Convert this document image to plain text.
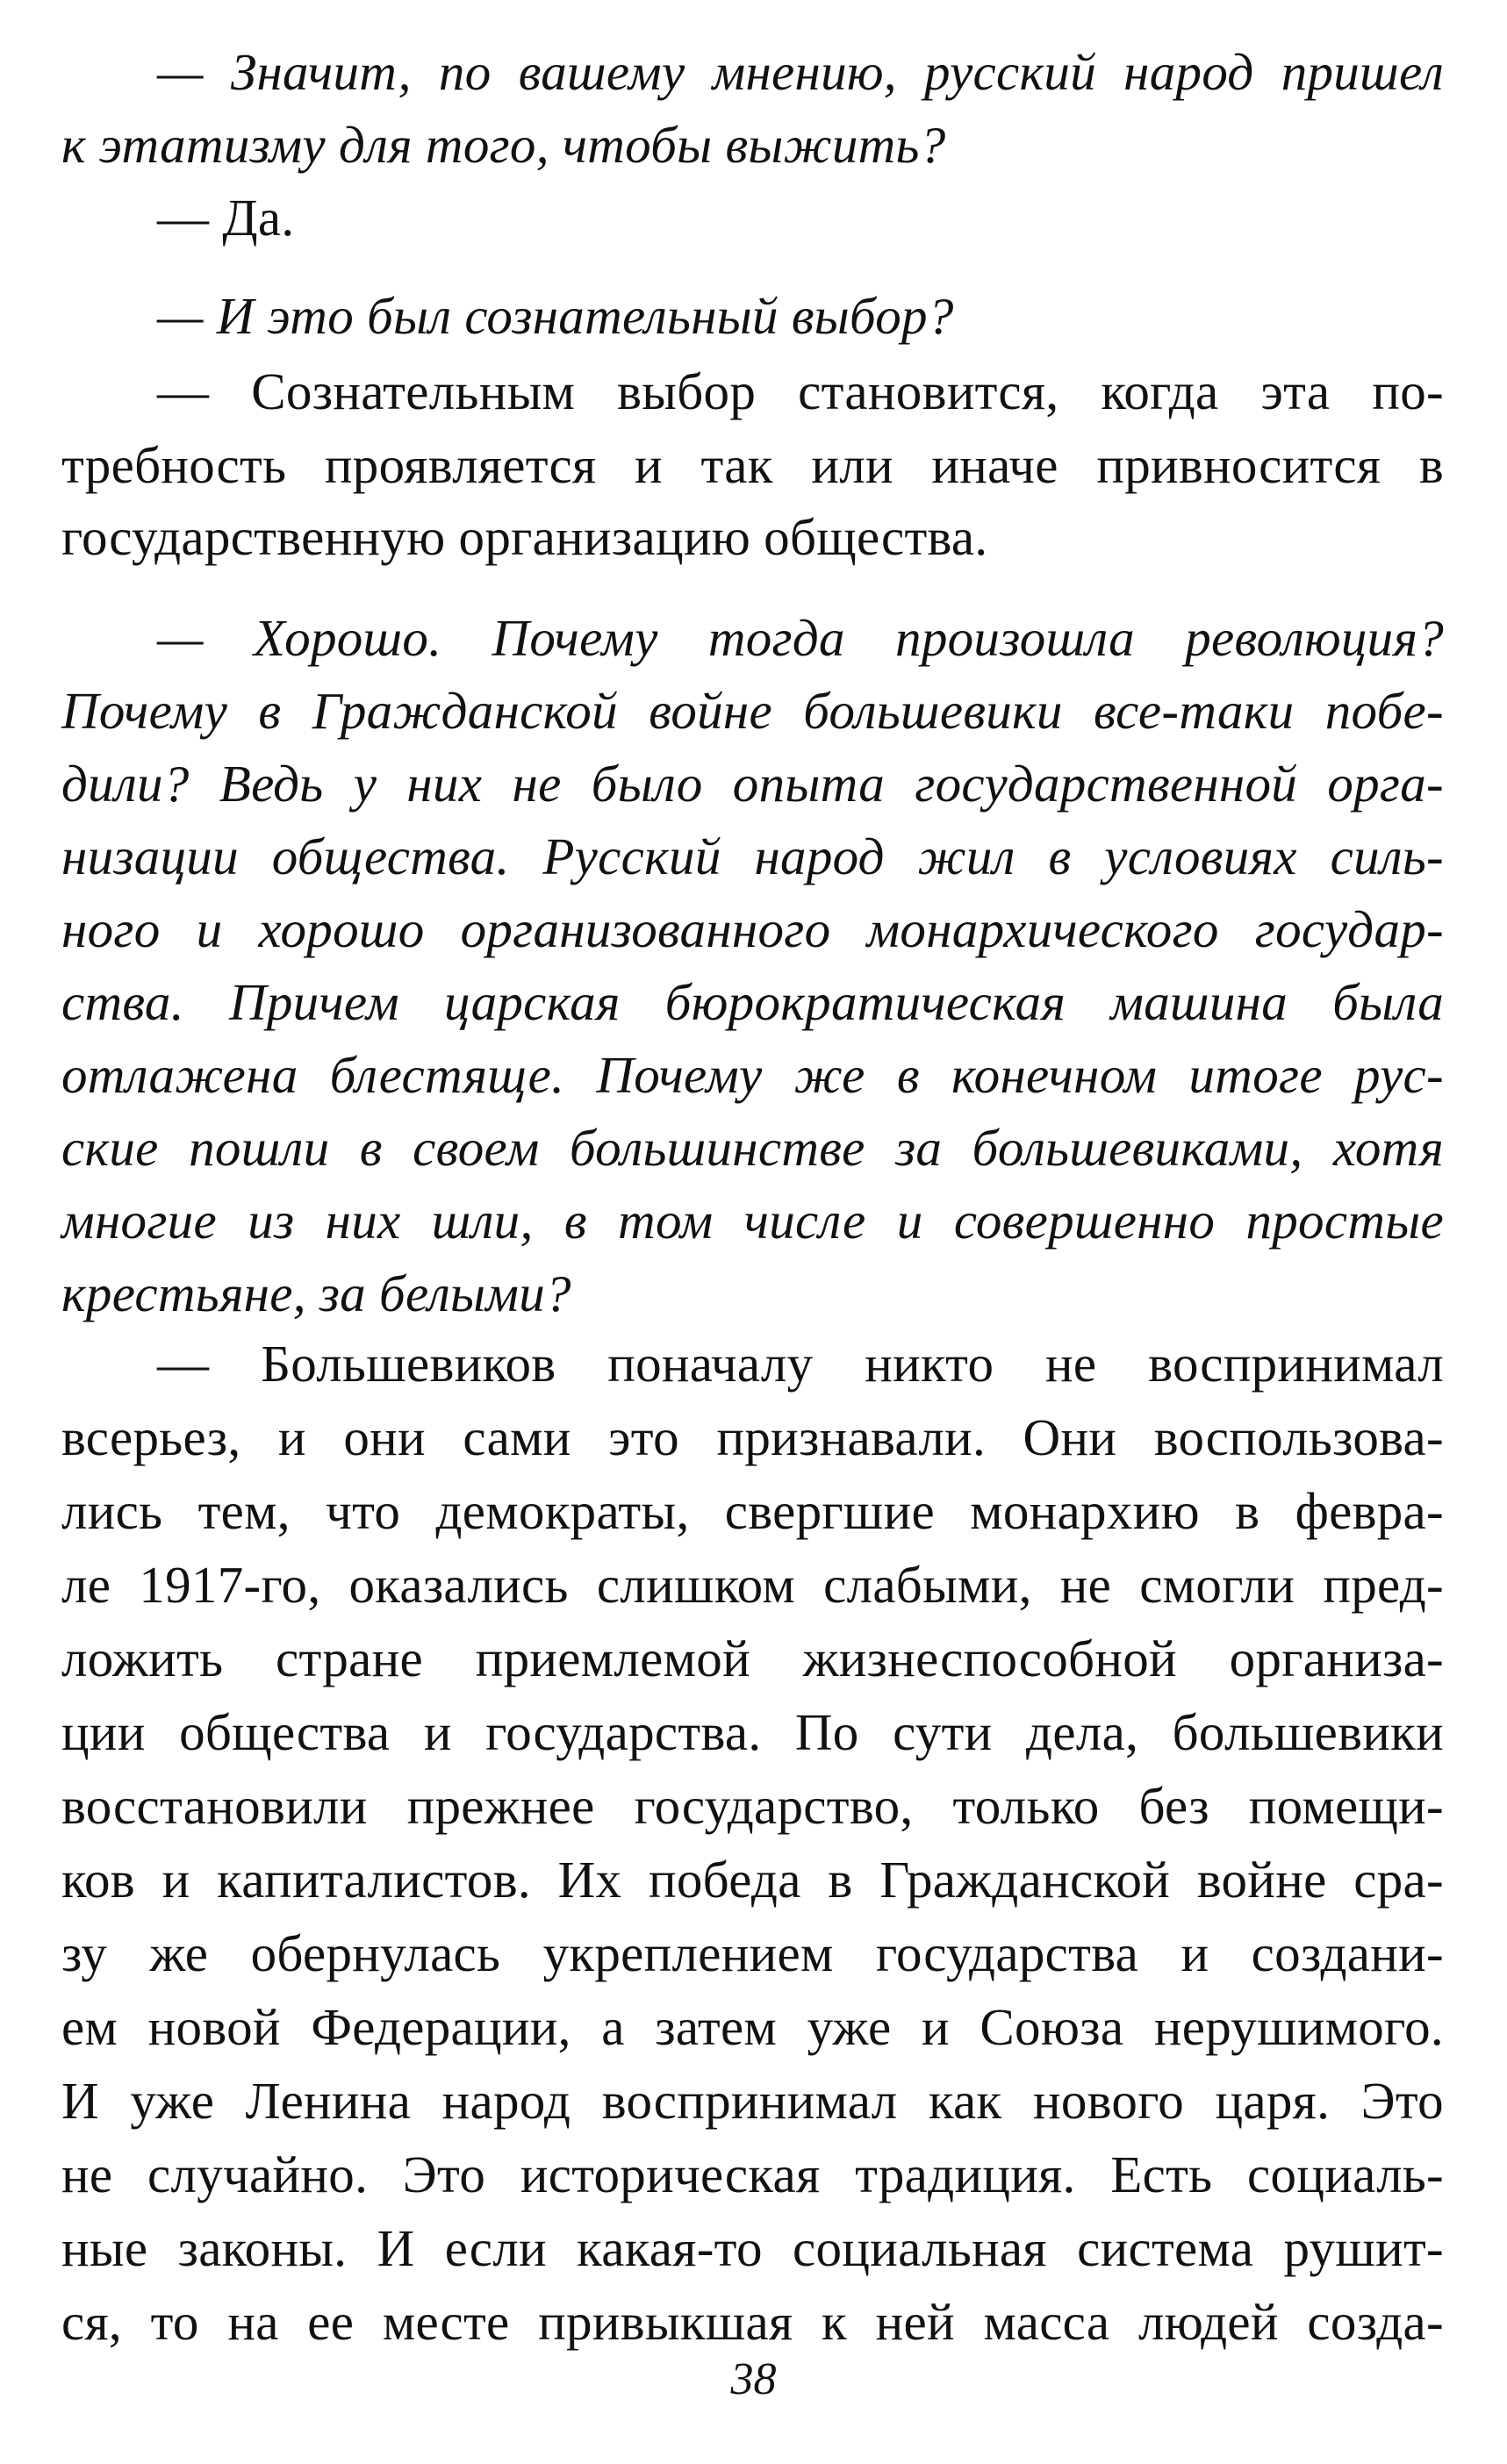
— Значит, по вашему мнению, русский народ пришел
к этатизму для того, чтобы выжить?
— Да.
— И это был сознательный выбор?
— Сознательным выбор становится, когда эта по-
требность проявляется и так или иначе привносится в
государственную организацию общества.
— Хорошо. Почему тогда произошла революция?
Почему в Гражданской войне большевики все-таки побе-
дили? Ведь у них не было опыта государственной орга-
низации общества. Русский народ жил в условиях силь-
ного и хорошо организованного монархического государ-
ства. Причем царская бюрократическая машина была
отлажена блестяще. Почему же в конечном итоге рус-
ские пошли в своем большинстве за большевиками, хотя
многие из них шли, в том числе и совершенно простые
крестьяне, за белыми?
— Большевиков поначалу никто не воспринимал
всерьез, и они сами это признавали. Они воспользова-
лись тем, что демократы, свергшие монархию в февра-
ле 1917-го, оказались слишком слабыми, не смогли пред-
ложить стране приемлемой жизнеспособной организа-
ции общества и государства. По сути дела, большевики
восстановили прежнее государство, только без помещи-
ков и капиталистов. Их победа в Гражданской войне сра-
зу же обернулась укреплением государства и создани-
ем новой Федерации, а затем уже и Союза нерушимого.
И уже Ленина народ воспринимал как нового царя. Это
не случайно. Это историческая традиция. Есть социаль-
ные законы. И если какая-то социальная система рушит-
ся, то на ее месте привыкшая к ней масса людей созда-
38
